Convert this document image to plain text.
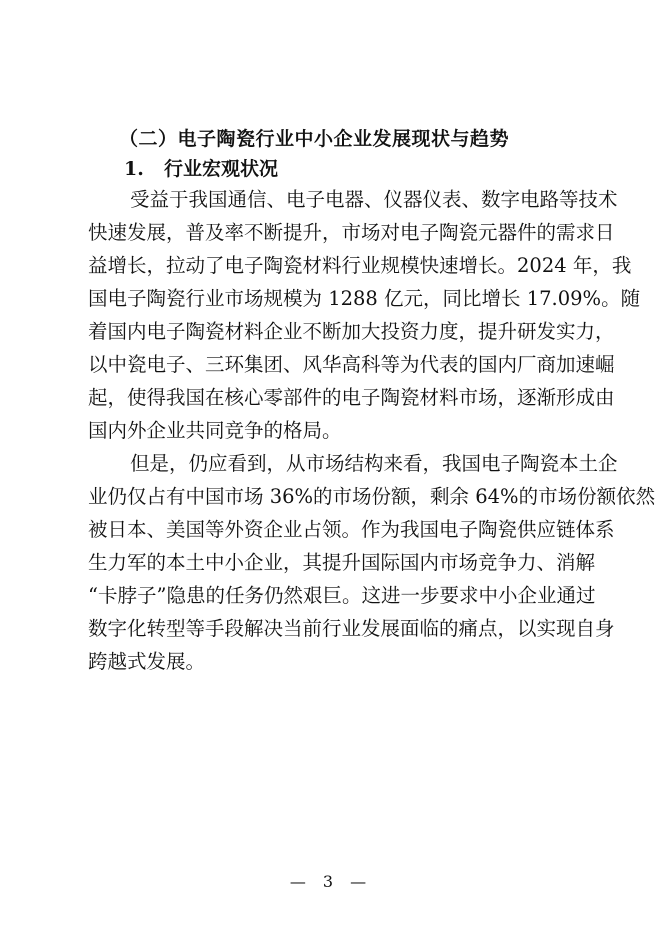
（二）电子陶瓷行业中小企业发展现状与趋势
1. 行业宏观状况
受益于我国通信、电子电器、仪器仪表、数字电路等技术
快速发展，普及率不断提升，市场对电子陶瓷元器件的需求日
益增长，拉动了电子陶瓷材料行业规模快速增长。2024 年，我
国电子陶瓷行业市场规模为 1288 亿元，同比增长 17.09%。随
着国内电子陶瓷材料企业不断加大投资力度，提升研发实力，
以中瓷电子、三环集团、风华高科等为代表的国内厂商加速崛
起，使得我国在核心零部件的电子陶瓷材料市场，逐渐形成由
国内外企业共同竞争的格局。
但是，仍应看到，从市场结构来看，我国电子陶瓷本土企
业仍仅占有中国市场 36%的市场份额，剩余 64%的市场份额依然
被日本、美国等外资企业占领。作为我国电子陶瓷供应链体系
生力军的本土中小企业，其提升国际国内市场竞争力、消解
“卡脖子”隐患的任务仍然艰巨。这进一步要求中小企业通过
数字化转型等手段解决当前行业发展面临的痛点，以实现自身
跨越式发展。
— 3 —
